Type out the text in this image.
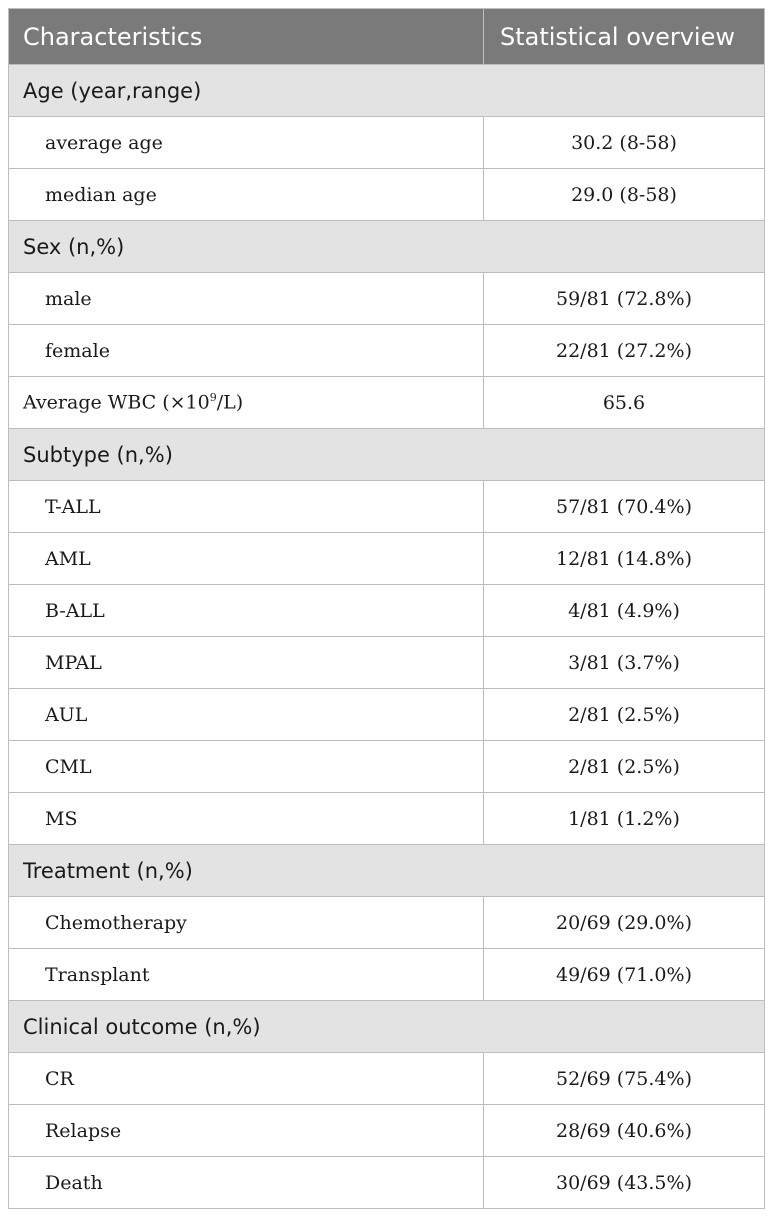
Characteristics	Statistical overview
Age (year,range)	
average age	30.2 (8-58)
median age	29.0 (8-58)
Sex (n,%)	
male	59/81 (72.8%)
female	22/81 (27.2%)
Average WBC $(\times 10^9/L)$	65.6
Subtype (n,%)	
T-ALL	57/81 (70.4%)
AML	12/81 (14.8%)
B-ALL	4/81 (4.9%)
MPAL	3/81 (3.7%)
AUL	2/81 (2.5%)
CML	2/81 (2.5%)
MS	1/81 (1.2%)
Treatment (n,%)	
Chemotherapy	20/69 (29.0%)
Transplant	49/69 (71.0%)
Clinical outcome (n,%)	
CR	52/69 (75.4%)
Relapse	28/69 (40.6%)
Death	30/69 (43.5%)
